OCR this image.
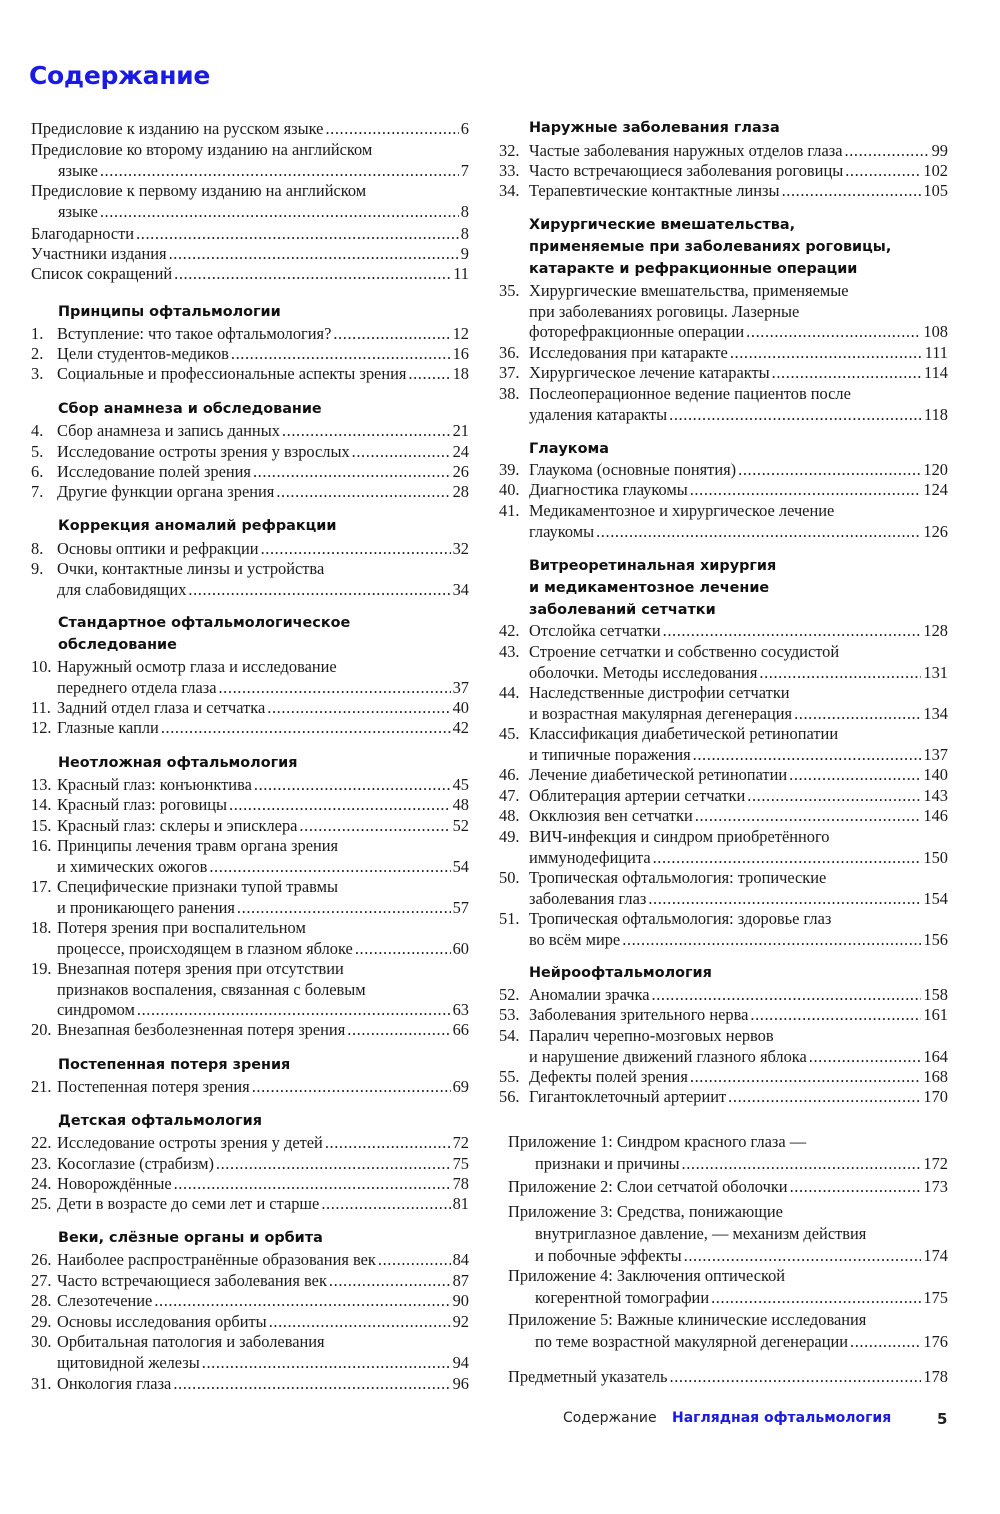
Содержание
Предисловие к изданию на русском языке .....	6
Предисловие ко второму изданию на английском
языке .....	7
Предисловие к первому изданию на английском
языке .....	8
Благодарности .....	8
Участники издания .....	9
Список сокращений .....	11
Принципы офтальмологии
1. Вступление: что такое офтальмология? .....	12
2. Цели студентов-медиков .....	16
3. Социальные и профессиональные аспекты зрения .....	18
Сбор анамнеза и обследование
4. Сбор анамнеза и запись данных .....	21
5. Исследование остроты зрения у взрослых .....	24
6. Исследование полей зрения .....	26
7. Другие функции органа зрения .....	28
Коррекция аномалий рефракции
8. Основы оптики и рефракции .....	32
9. Очки, контактные линзы и устройства
для слабовидящих .....	34
Стандартное офтальмологическое
обследование
10. Наружный осмотр глаза и исследование
переднего отдела глаза .....	37
11. Задний отдел глаза и сетчатка .....	40
12. Глазные капли .....	42
Неотложная офтальмология
13. Красный глаз: конъюнктива .....	45
14. Красный глаз: роговицы .....	48
15. Красный глаз: склеры и эписклера .....	52
16. Принципы лечения травм органа зрения
и химических ожогов .....	54
17. Специфические признаки тупой травмы
и проникающего ранения .....	57
18. Потеря зрения при воспалительном
процессе, происходящем в глазном яблоке .....	60
19. Внезапная потеря зрения при отсутствии
признаков воспаления, связанная с болевым
синдромом .....	63
20. Внезапная безболезненная потеря зрения .....	66
Постепенная потеря зрения
21. Постепенная потеря зрения .....	69
Детская офтальмология
22. Исследование остроты зрения у детей .....	72
23. Косоглазие (страбизм) .....	75
24. Новорождённые .....	78
25. Дети в возрасте до семи лет и старше .....	81
Веки, слёзные органы и орбита
26. Наиболее распространённые образования век .....	84
27. Часто встречающиеся заболевания век .....	87
28. Слезотечение .....	90
29. Основы исследования орбиты .....	92
30. Орбитальная патология и заболевания
щитовидной железы .....	94
31. Онкология глаза .....	96
Наружные заболевания глаза
32. Частые заболевания наружных отделов глаза .....	99
33. Часто встречающиеся заболевания роговицы .....	102
34. Терапевтические контактные линзы .....	105
Хирургические вмешательства,
применяемые при заболеваниях роговицы,
катаракте и рефракционные операции
35. Хирургические вмешательства, применяемые
при заболеваниях роговицы. Лазерные
фоторефракционные операции .....	108
36. Исследования при катаракте .....	111
37. Хирургическое лечение катаракты .....	114
38. Послеоперационное ведение пациентов после
удаления катаракты .....	118
Глаукома
39. Глаукома (основные понятия) .....	120
40. Диагностика глаукомы .....	124
41. Медикаментозное и хирургическое лечение
глаукомы .....	126
Витреоретинальная хирургия
и медикаментозное лечение
заболеваний сетчатки
42. Отслойка сетчатки .....	128
43. Строение сетчатки и собственно сосудистой
оболочки. Методы исследования .....	131
44. Наследственные дистрофии сетчатки
и возрастная макулярная дегенерация .....	134
45. Классификация диабетической ретинопатии
и типичные поражения .....	137
46. Лечение диабетической ретинопатии .....	140
47. Облитерация артерии сетчатки .....	143
48. Окклюзия вен сетчатки .....	146
49. ВИЧ-инфекция и синдром приобретённого
иммунодефицита .....	150
50. Тропическая офтальмология: тропические
заболевания глаз .....	154
51. Тропическая офтальмология: здоровье глаз
во всём мире .....	156
Нейроофтальмология
52. Аномалии зрачка .....	158
53. Заболевания зрительного нерва .....	161
54. Паралич черепно-мозговых нервов
и нарушение движений глазного яблока .....	164
55. Дефекты полей зрения .....	168
56. Гигантоклеточный артериит .....	170
Приложение 1: Синдром красного глаза —
признаки и причины .....	172
Приложение 2: Слои сетчатой оболочки .....	173
Приложение 3: Средства, понижающие
внутриглазное давление, — механизм действия
и побочные эффекты .....	174
Приложение 4: Заключения оптической
когерентной томографии .....	175
Приложение 5: Важные клинические исследования
по теме возрастной макулярной дегенерации .....	176
Предметный указатель .....	178
Содержание Наглядная офтальмология	5
